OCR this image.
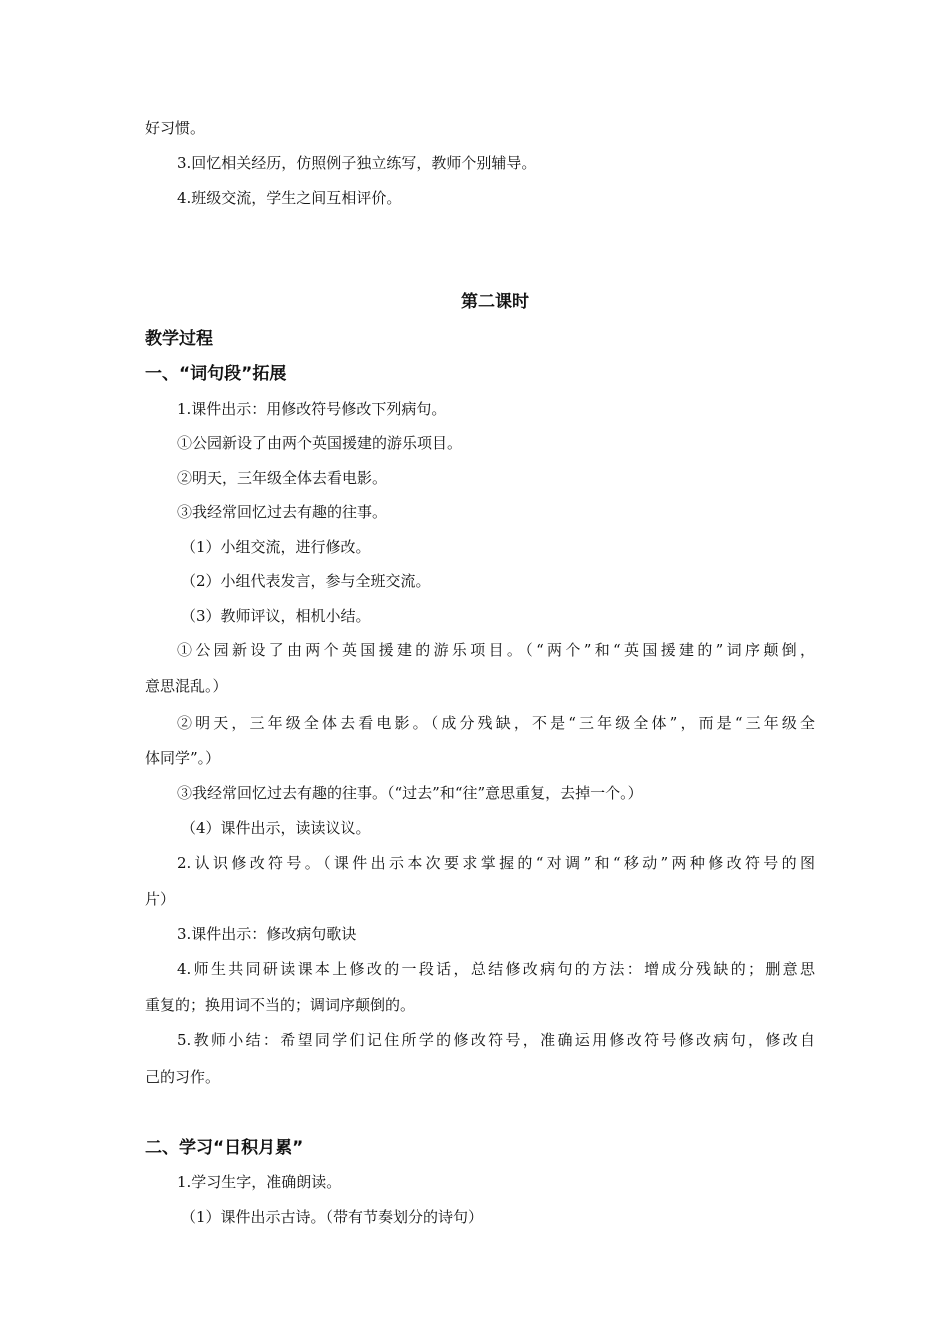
好习惯。
3.回忆相关经历，仿照例子独立练写，教师个别辅导。
4.班级交流，学生之间互相评价。
第二课时
教学过程
一、“词句段”拓展
1.课件出示：用修改符号修改下列病句。
①公园新设了由两个英国援建的游乐项目。
②明天，三年级全体去看电影。
③我经常回忆过去有趣的往事。
（1）小组交流，进行修改。
（2）小组代表发言，参与全班交流。
（3）教师评议，相机小结。
①公园新设了由两个英国援建的游乐项目。（“两个”和“英国援建的”词序颠倒，
意思混乱。）
②明天，三年级全体去看电影。（成分残缺，不是“三年级全体”，而是“三年级全
体同学”。）
③我经常回忆过去有趣的往事。（“过去”和“往”意思重复，去掉一个。）
（4）课件出示，读读议议。
2.认识修改符号。（课件出示本次要求掌握的“对调”和“移动”两种修改符号的图
片）
3.课件出示：修改病句歌诀
4.师生共同研读课本上修改的一段话，总结修改病句的方法：增成分残缺的；删意思
重复的；换用词不当的；调词序颠倒的。
5.教师小结：希望同学们记住所学的修改符号，准确运用修改符号修改病句，修改自
己的习作。
二、学习“日积月累”
1.学习生字，准确朗读。
（1）课件出示古诗。（带有节奏划分的诗句）
